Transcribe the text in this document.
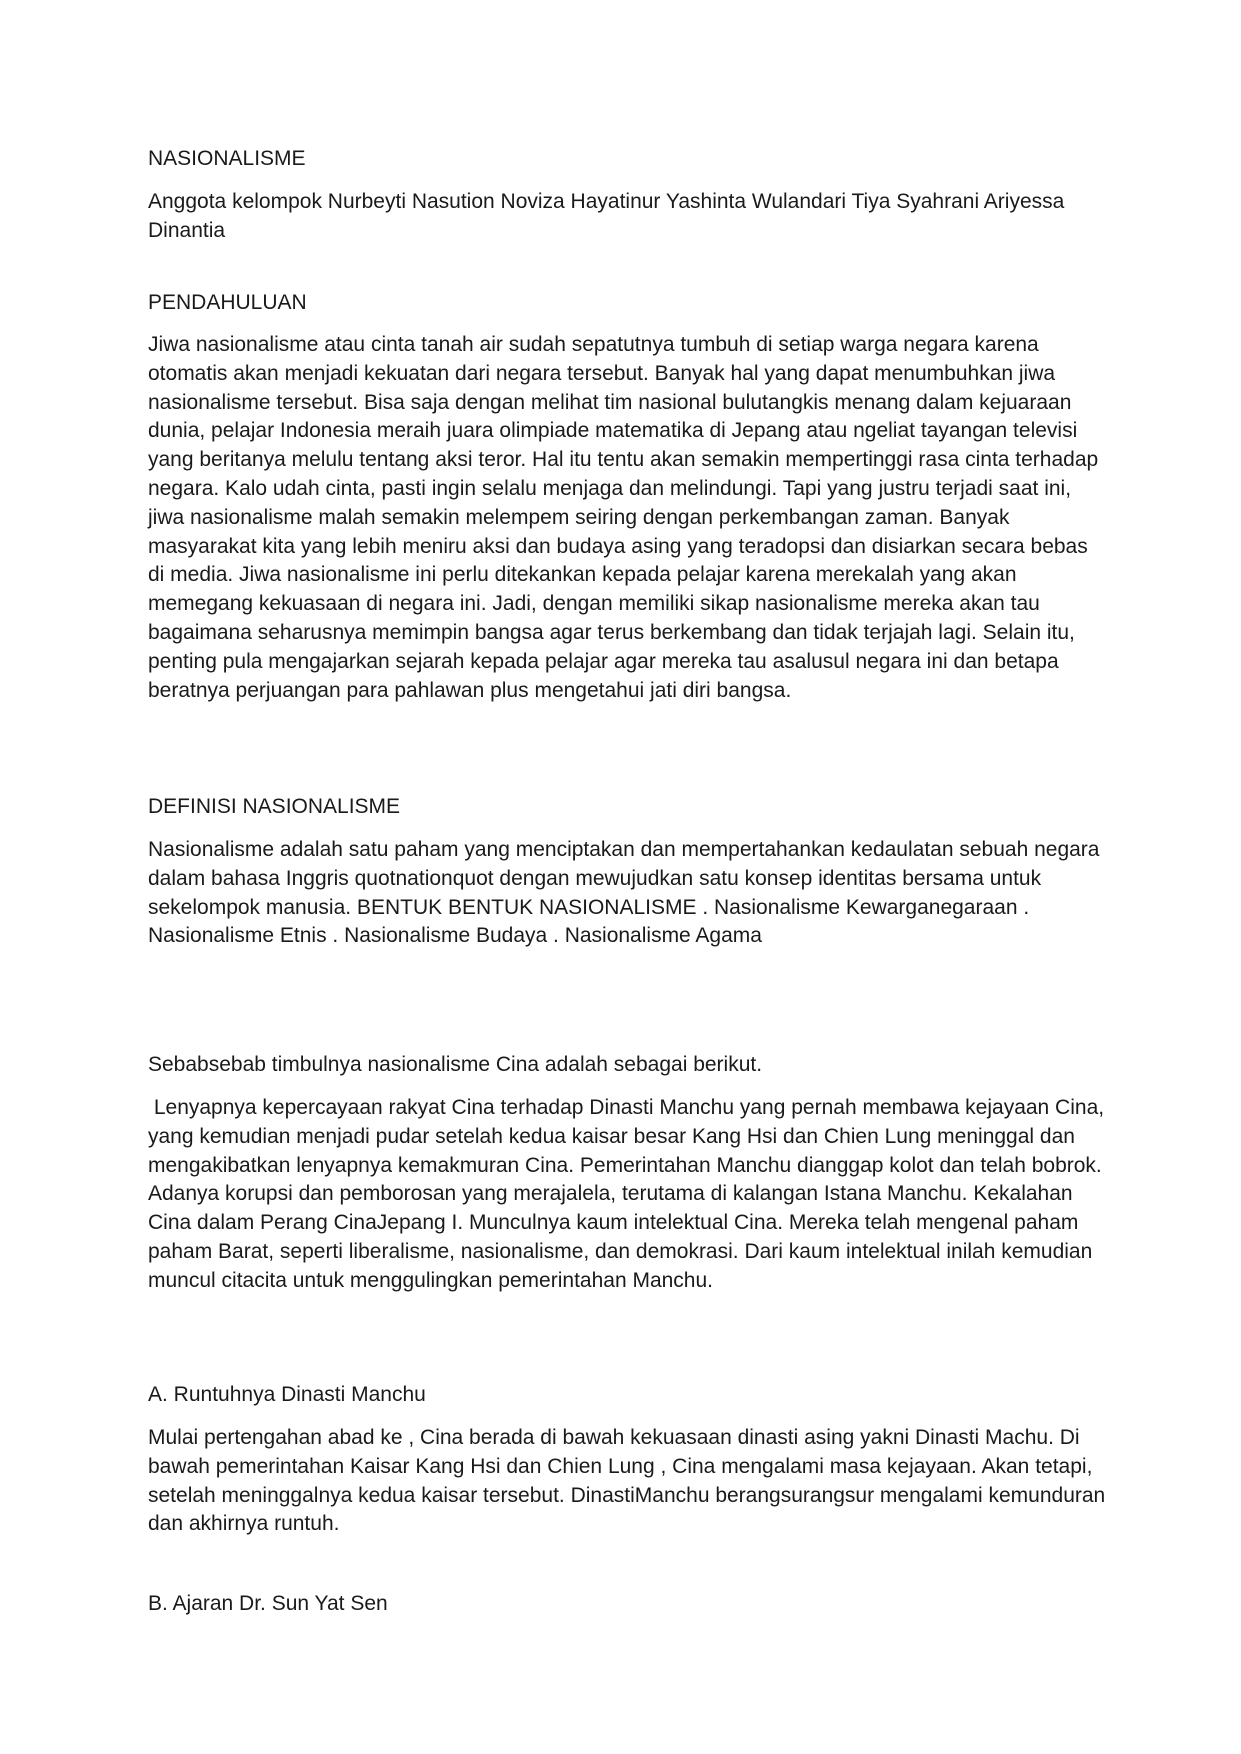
NASIONALISME

Anggota kelompok Nurbeyti Nasution Noviza Hayatinur Yashinta Wulandari Tiya Syahrani Ariyessa Dinantia

PENDAHULUAN

Jiwa nasionalisme atau cinta tanah air sudah sepatutnya tumbuh di setiap warga negara karena otomatis akan menjadi kekuatan dari negara tersebut. Banyak hal yang dapat menumbuhkan jiwa nasionalisme tersebut. Bisa saja dengan melihat tim nasional bulutangkis menang dalam kejuaraan dunia, pelajar Indonesia meraih juara olimpiade matematika di Jepang atau ngeliat tayangan televisi yang beritanya melulu tentang aksi teror. Hal itu tentu akan semakin mempertinggi rasa cinta terhadap negara. Kalo udah cinta, pasti ingin selalu menjaga dan melindungi. Tapi yang justru terjadi saat ini, jiwa nasionalisme malah semakin melempem seiring dengan perkembangan zaman. Banyak masyarakat kita yang lebih meniru aksi dan budaya asing yang teradopsi dan disiarkan secara bebas di media. Jiwa nasionalisme ini perlu ditekankan kepada pelajar karena merekalah yang akan memegang kekuasaan di negara ini. Jadi, dengan memiliki sikap nasionalisme mereka akan tau bagaimana seharusnya memimpin bangsa agar terus berkembang dan tidak terjajah lagi. Selain itu, penting pula mengajarkan sejarah kepada pelajar agar mereka tau asalusul negara ini dan betapa beratnya perjuangan para pahlawan plus mengetahui jati diri bangsa.

DEFINISI NASIONALISME

Nasionalisme adalah satu paham yang menciptakan dan mempertahankan kedaulatan sebuah negara dalam bahasa Inggris quotnationquot dengan mewujudkan satu konsep identitas bersama untuk sekelompok manusia. BENTUK BENTUK NASIONALISME . Nasionalisme Kewarganegaraan . Nasionalisme Etnis . Nasionalisme Budaya . Nasionalisme Agama

Sebabsebab timbulnya nasionalisme Cina adalah sebagai berikut.

Lenyapnya kepercayaan rakyat Cina terhadap Dinasti Manchu yang pernah membawa kejayaan Cina, yang kemudian menjadi pudar setelah kedua kaisar besar Kang Hsi dan Chien Lung meninggal dan mengakibatkan lenyapnya kemakmuran Cina. Pemerintahan Manchu dianggap kolot dan telah bobrok. Adanya korupsi dan pemborosan yang merajalela, terutama di kalangan Istana Manchu. Kekalahan Cina dalam Perang CinaJepang I. Munculnya kaum intelektual Cina. Mereka telah mengenal paham paham Barat, seperti liberalisme, nasionalisme, dan demokrasi. Dari kaum intelektual inilah kemudian muncul citacita untuk menggulingkan pemerintahan Manchu.

A. Runtuhnya Dinasti Manchu

Mulai pertengahan abad ke , Cina berada di bawah kekuasaan dinasti asing yakni Dinasti Machu. Di bawah pemerintahan Kaisar Kang Hsi dan Chien Lung , Cina mengalami masa kejayaan. Akan tetapi, setelah meninggalnya kedua kaisar tersebut. DinastiManchu berangsurangsur mengalami kemunduran dan akhirnya runtuh.

B. Ajaran Dr. Sun Yat Sen
